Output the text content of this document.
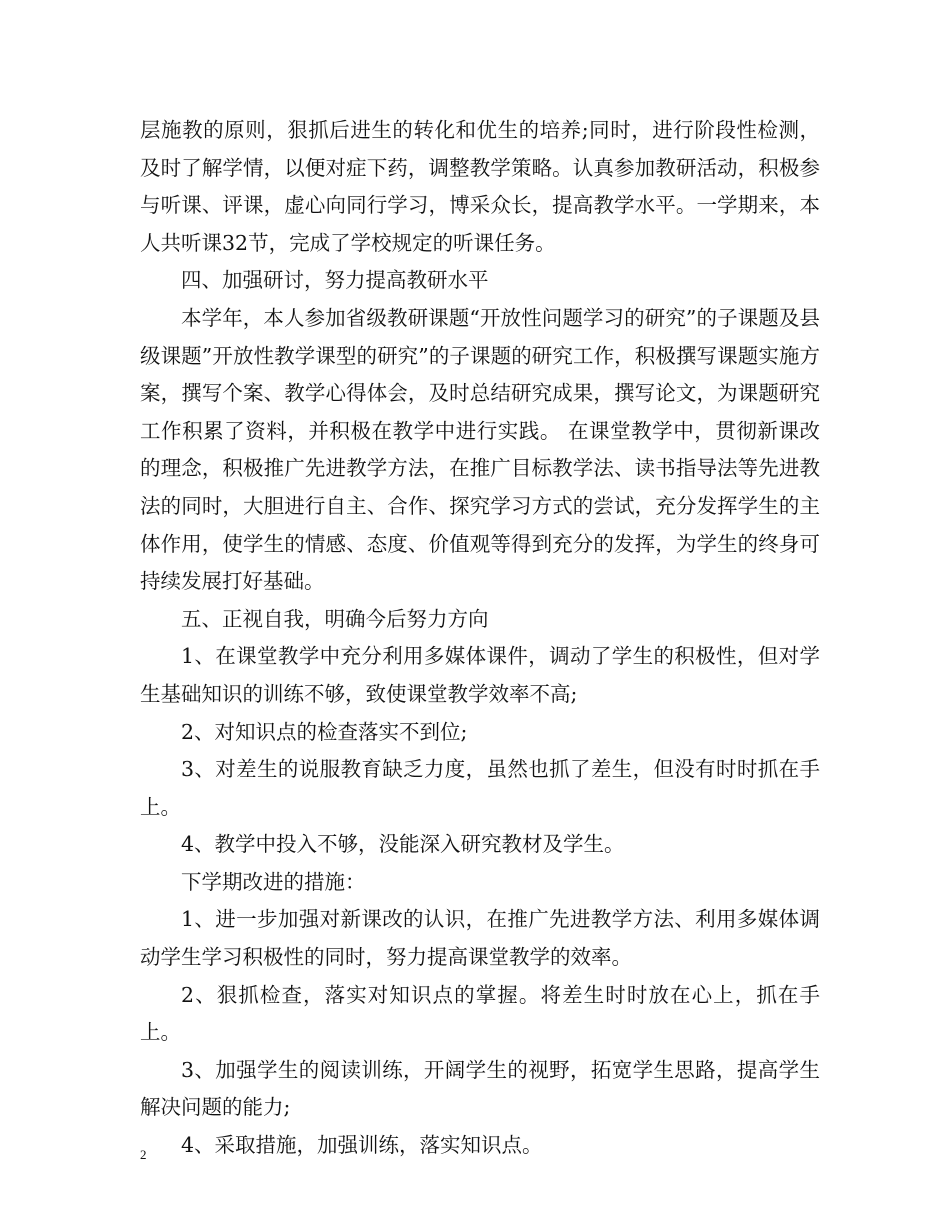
层施教的原则，狠抓后进生的转化和优生的培养;同时，进行阶段性检测，及时了解学情，以便对症下药，调整教学策略。认真参加教研活动，积极参与听课、评课，虚心向同行学习，博采众长，提高教学水平。一学期来，本人共听课32节，完成了学校规定的听课任务。

四、加强研讨，努力提高教研水平

本学年，本人参加省级教研课题“开放性问题学习的研究”的子课题及县级课题”开放性教学课型的研究”的子课题的研究工作，积极撰写课题实施方案，撰写个案、教学心得体会，及时总结研究成果，撰写论文，为课题研究工作积累了资料，并积极在教学中进行实践。 在课堂教学中，贯彻新课改的理念，积极推广先进教学方法，在推广目标教学法、读书指导法等先进教法的同时，大胆进行自主、合作、探究学习方式的尝试，充分发挥学生的主体作用，使学生的情感、态度、价值观等得到充分的发挥，为学生的终身可持续发展打好基础。

五、正视自我，明确今后努力方向

1、在课堂教学中充分利用多媒体课件，调动了学生的积极性，但对学生基础知识的训练不够，致使课堂教学效率不高;

2、对知识点的检查落实不到位;

3、对差生的说服教育缺乏力度，虽然也抓了差生，但没有时时抓在手上。

4、教学中投入不够，没能深入研究教材及学生。

下学期改进的措施：

1、进一步加强对新课改的认识，在推广先进教学方法、利用多媒体调动学生学习积极性的同时，努力提高课堂教学的效率。

2、狠抓检查，落实对知识点的掌握。将差生时时放在心上，抓在手上。

3、加强学生的阅读训练，开阔学生的视野，拓宽学生思路，提高学生解决问题的能力;

4、采取措施，加强训练，落实知识点。

2
